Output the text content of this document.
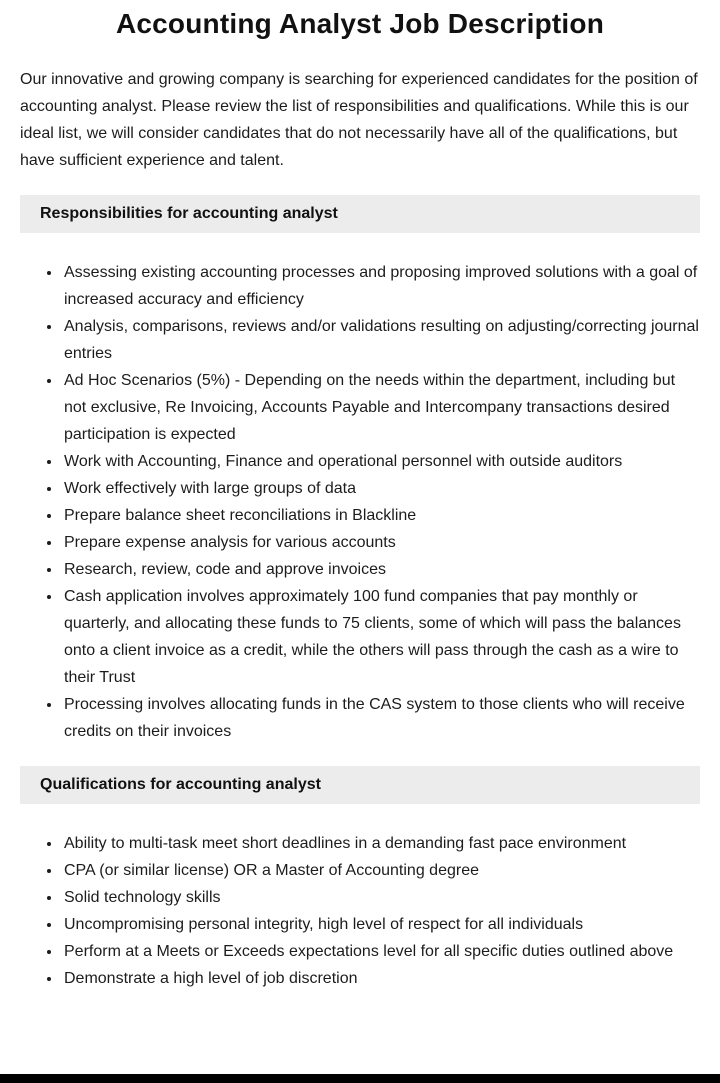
Accounting Analyst Job Description

Our innovative and growing company is searching for experienced candidates for the position of accounting analyst. Please review the list of responsibilities and qualifications. While this is our ideal list, we will consider candidates that do not necessarily have all of the qualifications, but have sufficient experience and talent.

Responsibilities for accounting analyst
• Assessing existing accounting processes and proposing improved solutions with a goal of increased accuracy and efficiency
• Analysis, comparisons, reviews and/or validations resulting on adjusting/correcting journal entries
• Ad Hoc Scenarios (5%) - Depending on the needs within the department, including but not exclusive, Re Invoicing, Accounts Payable and Intercompany transactions desired participation is expected
• Work with Accounting, Finance and operational personnel with outside auditors
• Work effectively with large groups of data
• Prepare balance sheet reconciliations in Blackline
• Prepare expense analysis for various accounts
• Research, review, code and approve invoices
• Cash application involves approximately 100 fund companies that pay monthly or quarterly, and allocating these funds to 75 clients, some of which will pass the balances onto a client invoice as a credit, while the others will pass through the cash as a wire to their Trust
• Processing involves allocating funds in the CAS system to those clients who will receive credits on their invoices
Qualifications for accounting analyst
• Ability to multi-task meet short deadlines in a demanding fast pace environment
• CPA (or similar license) OR a Master of Accounting degree
• Solid technology skills
• Uncompromising personal integrity, high level of respect for all individuals
• Perform at a Meets or Exceeds expectations level for all specific duties outlined above
• Demonstrate a high level of job discretion
